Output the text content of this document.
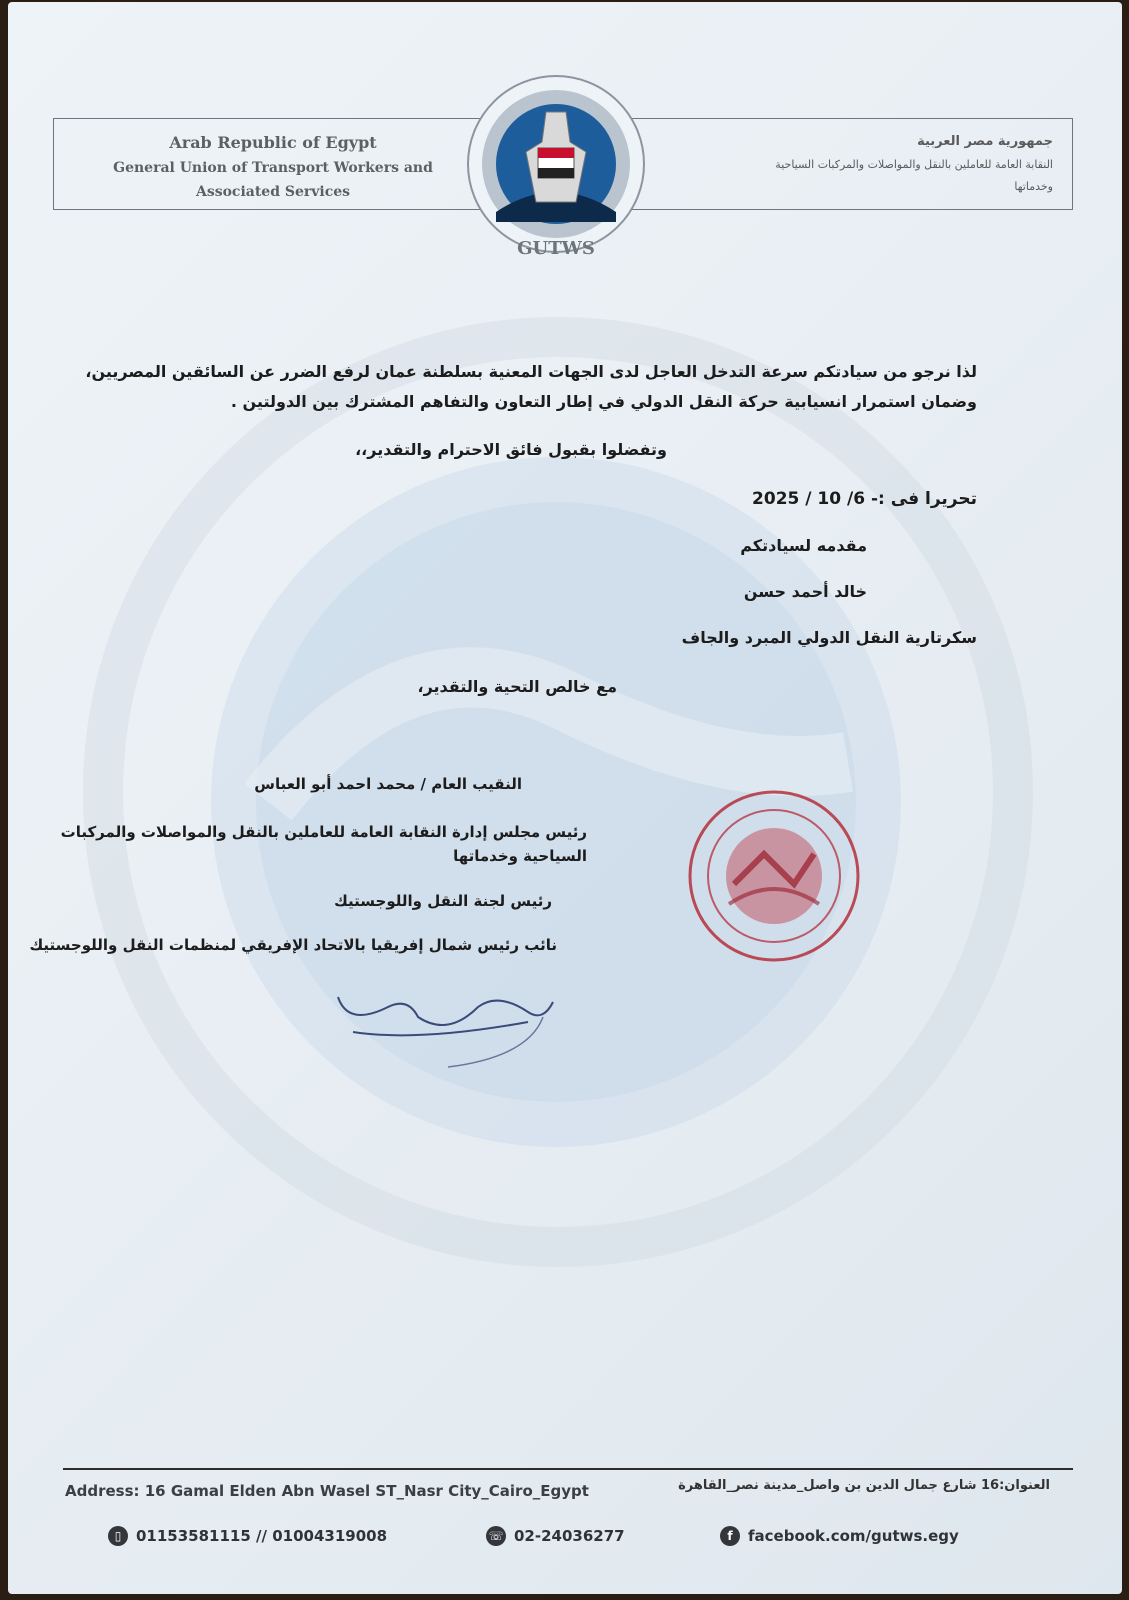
Arab Republic of Egypt
General Union of Transport Workers and
Associated Services
جمهورية مصر العربية
النقابة العامة للعاملين بالنقل والمواصلات والمركبات السياحية
وخدماتها
GUTWS
لذا نرجو من سيادتكم سرعة التدخل العاجل لدى الجهات المعنية بسلطنة عمان لرفع الضرر عن السائقين المصريين، وضمان استمرار انسيابية حركة النقل الدولي في إطار التعاون والتفاهم المشترك بين الدولتين .
وتفضلوا بقبول فائق الاحترام والتقدير،،
تحريرا فى :- 6/ 10 / 2025
مقدمه لسيادتكم
خالد أحمد حسن
سكرتارية النقل الدولي المبرد والجاف
مع خالص التحية والتقدير،
النقيب العام / محمد احمد أبو العباس
رئيس مجلس إدارة النقابة العامة للعاملين بالنقل والمواصلات والمركبات السياحية وخدماتها
رئيس لجنة النقل واللوجستيك
نائب رئيس شمال إفريقيا بالاتحاد الإفريقي لمنظمات النقل واللوجستيك
Address: 16 Gamal Elden Abn Wasel ST_Nasr City_Cairo_Egypt	العنوان:16 شارع جمال الدين بن واصل_مدينة نصر_القاهرة
▯ 01153581115 // 01004319008	☏ 02-24036277	f	facebook.com/gutws.egy
